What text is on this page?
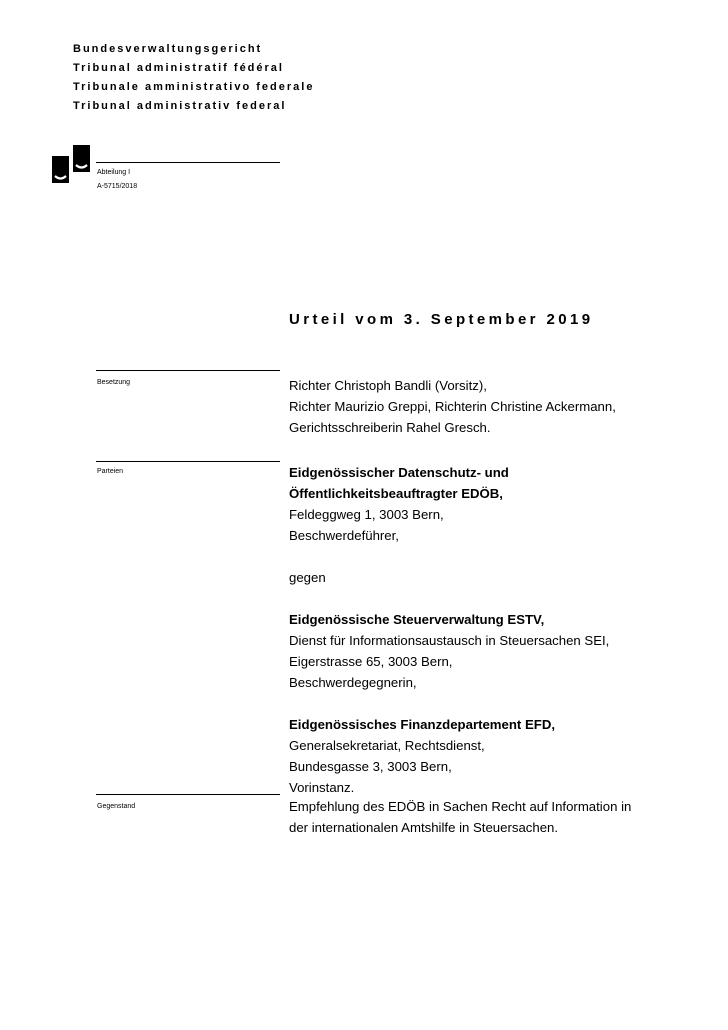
Bundesverwaltungsgericht
Tribunal administratif fédéral
Tribunale amministrativo federale
Tribunal administrativ federal
Abteilung I
A-5715/2018
Urteil vom 3. September 2019
Besetzung	Richter Christoph Bandli (Vorsitz),
Richter Maurizio Greppi, Richterin Christine Ackermann,
Gerichtsschreiberin Rahel Gresch.
Parteien	Eidgenössischer Datenschutz- und
Öffentlichkeitsbeauftragter EDÖB,
Feldeggweg 1, 3003 Bern,
Beschwerdeführer,
gegen
Eidgenössische Steuerverwaltung ESTV,
Dienst für Informationsaustausch in Steuersachen SEI,
Eigerstrasse 65, 3003 Bern,
Beschwerdegegnerin,
Eidgenössisches Finanzdepartement EFD,
Generalsekretariat, Rechtsdienst,
Bundesgasse 3, 3003 Bern,
Vorinstanz.
Gegenstand	Empfehlung des EDÖB in Sachen Recht auf Information in
der internationalen Amtshilfe in Steuersachen.
